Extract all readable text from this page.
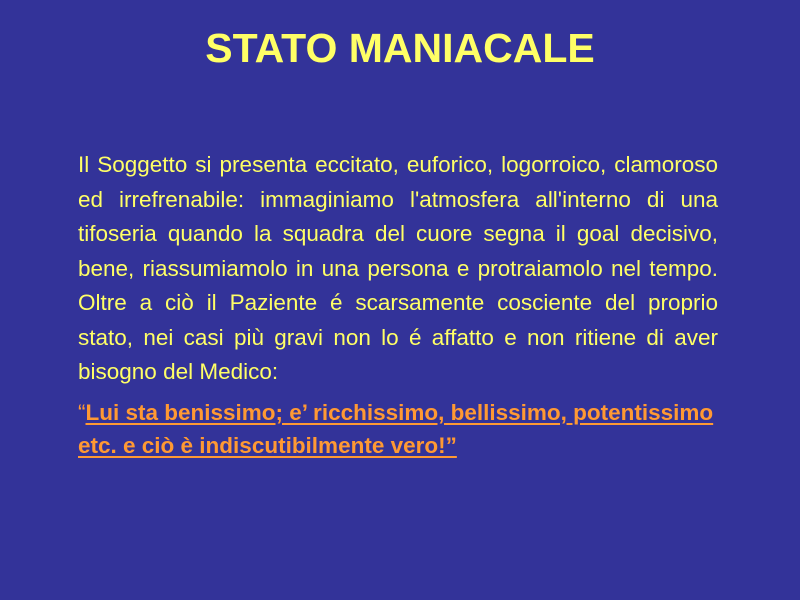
STATO MANIACALE

Il Soggetto si presenta eccitato, euforico, logorroico, clamoroso ed irrefrenabile: immaginiamo l'atmosfera all'interno di una tifoseria quando la squadra del cuore segna il goal decisivo, bene, riassumiamolo in una persona e protraiamolo nel tempo. Oltre a ciò il Paziente é scarsamente cosciente del proprio stato, nei casi più gravi non lo é affatto e non ritiene di aver bisogno del Medico:

“Lui sta benissimo; e’ ricchissimo, bellissimo, potentissimo etc. e ciò è indiscutibilmente vero!”
